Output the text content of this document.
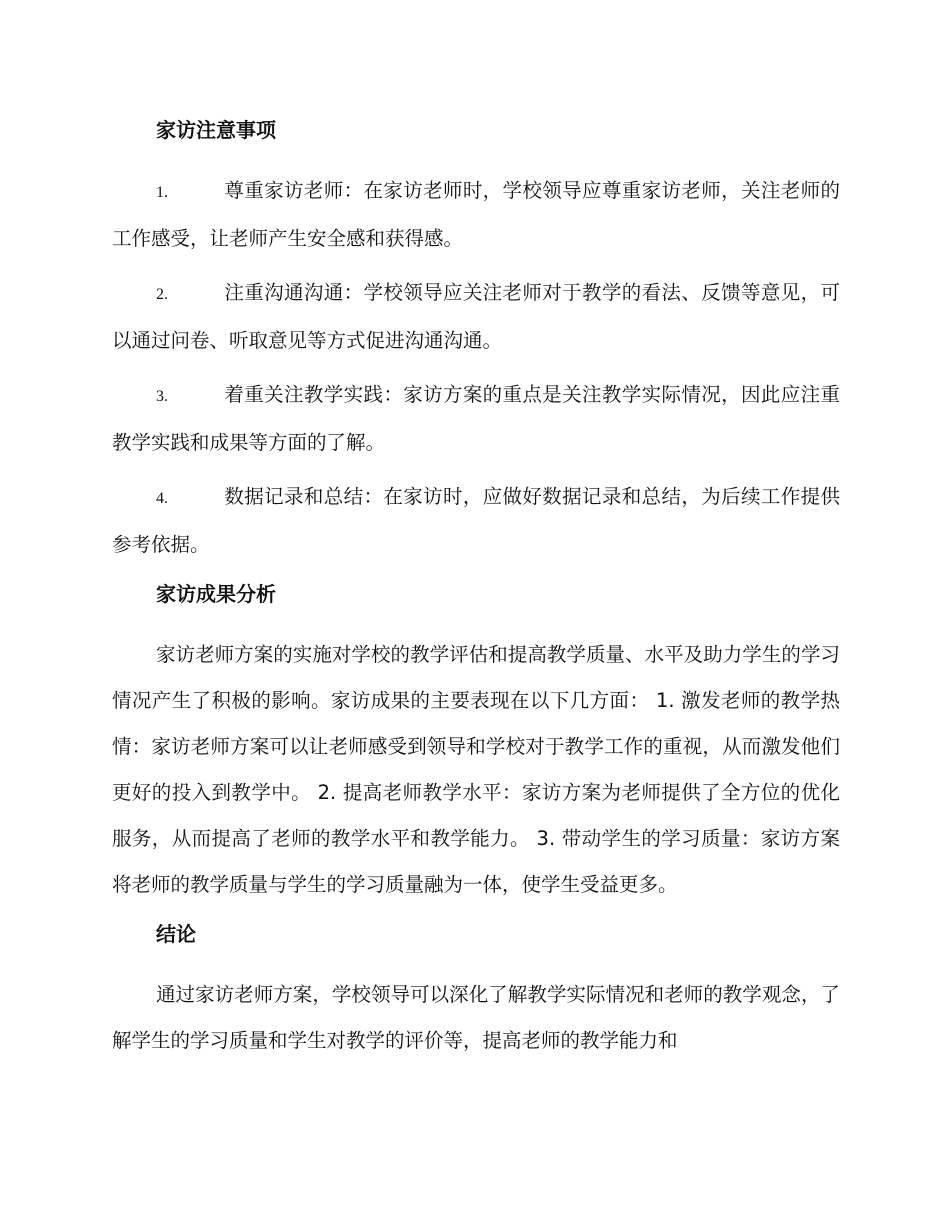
家访注意事项
1.	尊重家访老师：在家访老师时，学校领导应尊重家访老师，关注老师的工作感受，让老师产生安全感和获得感。
2.	注重沟通沟通：学校领导应关注老师对于教学的看法、反馈等意见，可以通过问卷、听取意见等方式促进沟通沟通。
3.	着重关注教学实践：家访方案的重点是关注教学实际情况，因此应注重教学实践和成果等方面的了解。
4.	数据记录和总结：在家访时，应做好数据记录和总结，为后续工作提供参考依据。
家访成果分析
家访老师方案的实施对学校的教学评估和提高教学质量、水平及助力学生的学习情况产生了积极的影响。家访成果的主要表现在以下几方面： 1. 激发老师的教学热情：家访老师方案可以让老师感受到领导和学校对于教学工作的重视，从而激发他们更好的投入到教学中。 2. 提高老师教学水平：家访方案为老师提供了全方位的优化服务，从而提高了老师的教学水平和教学能力。 3. 带动学生的学习质量：家访方案将老师的教学质量与学生的学习质量融为一体，使学生受益更多。
结论
通过家访老师方案，学校领导可以深化了解教学实际情况和老师的教学观念，了解学生的学习质量和学生对教学的评价等，提高老师的教学能力和
